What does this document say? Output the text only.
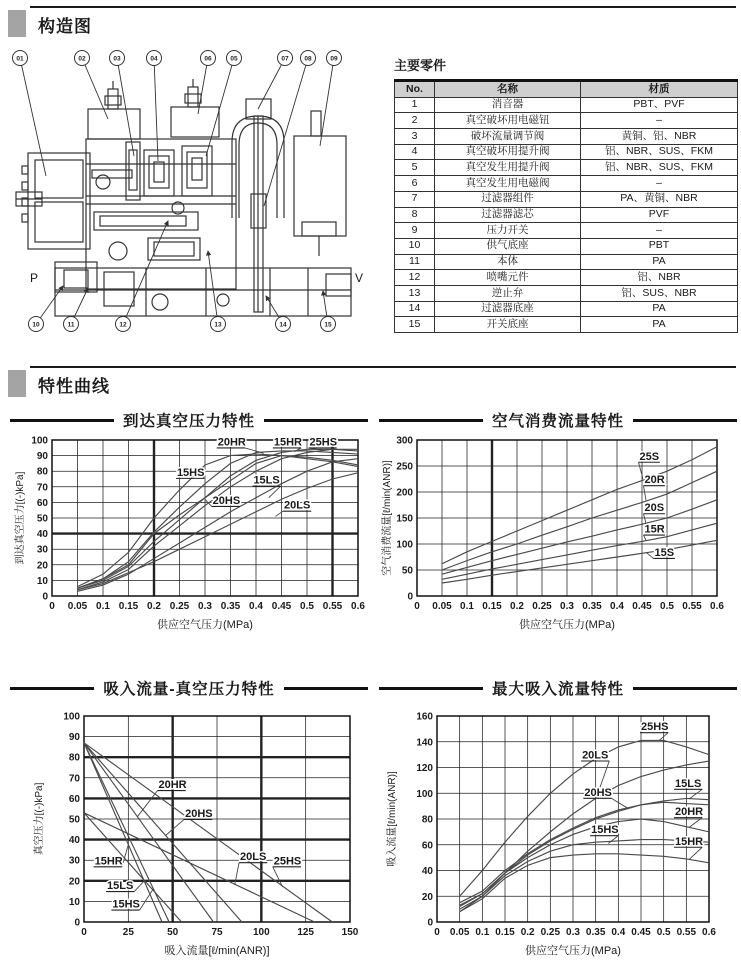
构造图
P	V
01	02	03	04	06	05	07 08	09
10	11	12	13	14	15

主要零件

No.	名称	材质
1	消音器	PBT、PVF
2	真空破坏用电磁钮	–
3	破坏流量调节阀	黄铜、铝、NBR
4	真空破坏用提升阀	铝、NBR、SUS、FKM
5	真空发生用提升阀	铝、NBR、SUS、FKM
6	真空发生用电磁阀	–
7	过滤器组件	PA、黄铜、NBR
8	过滤器滤芯	PVF
9	压力开关	–
10	供气底座	PBT
11	本体	PA
12	喷嘴元件	铝、NBR
13	逆止弁	铝、SUS、NBR
14	过滤器底座	PA
15	开关底座	PA
特性曲线
到达真空压力特性
0 0.05 0.1 0.15 0.2 0.25 0.3 0.35 0.4 0.45 0.5 0.55 0.6
0
10
20
30
40
50
60
70
80
90
100
供应空气压力(MPa)
到达真空压力[(-)kPa]
20HR	15HR 25HS
15HS
20HS
15LS
20LS
空气消费流量特性
0 0.05 0.1 0.15 0.2 0.25 0.3 0.35 0.4 0.45 0.5 0.55 0.6
0
50
100
150
200
250
300
供应空气压力(MPa)
空气消费流量[ℓ/min(ANR)]
25S
20R
20S
15R
15S
吸入流量-真空压力特性
0	25	50	75	100	125	150
0
10
20
30
40
50
60
70
80
90
100
吸入流量[ℓ/min(ANR)]
真空压力[(-)kPa]	20HR
20HS
15HR
15LS
15HS
20LS 25HS
最大吸入流量特性
0 0.05 0.1 0.15 0.2 0.25 0.3 0.35 0.4 0.45 0.5 0.55 0.6
0
20
40
60
80
100
120
140
160
供应空气压力(MPa)
吸入流量[ℓ/min(ANR)]
25HS
20LS
15LS
20HS
20HR
15HS
15HR
